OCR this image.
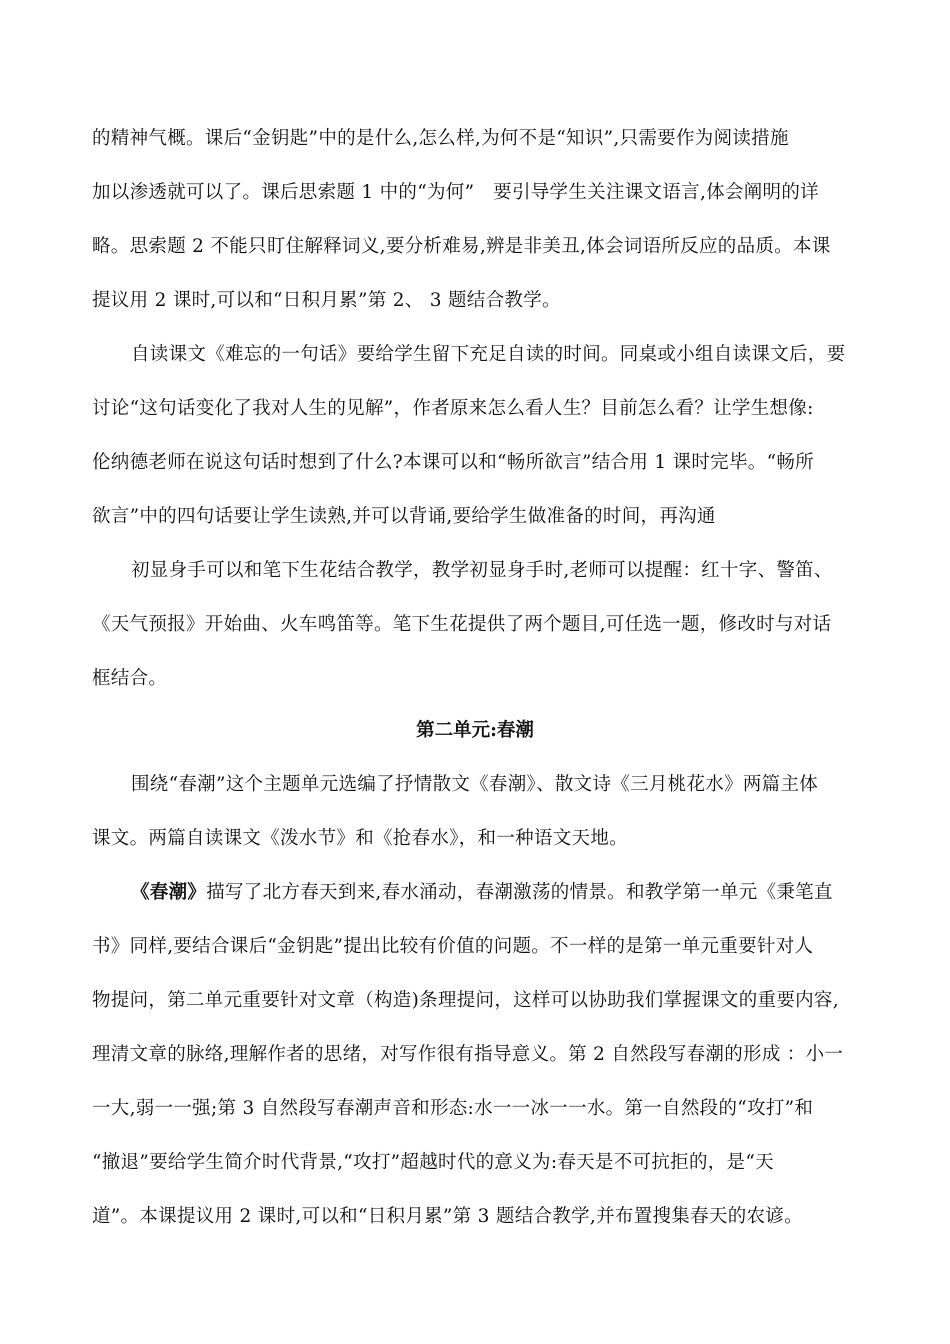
的精神气概。课后“金钥匙”中的是什么,怎么样,为何不是“知识”,只需要作为阅读措施
加以渗透就可以了。课后思索题 1 中的“为何”　要引导学生关注课文语言,体会阐明的详
略。思索题 2 不能只盯住解释词义,要分析难易,辨是非美丑,体会词语所反应的品质。本课
提议用 2 课时,可以和“日积月累”第 2、 3 题结合教学。
自读课文《难忘的一句话》要给学生留下充足自读的时间。同桌或小组自读课文后，要
讨论“这句话变化了我对人生的见解”，作者原来怎么看人生？目前怎么看？让学生想像:
伦纳德老师在说这句话时想到了什么?本课可以和“畅所欲言”结合用 1 课时完毕。“畅所
欲言”中的四句话要让学生读熟,并可以背诵,要给学生做准备的时间，再沟通
初显身手可以和笔下生花结合教学，教学初显身手时,老师可以提醒：红十字、警笛、
《天气预报》开始曲、火车鸣笛等。笔下生花提供了两个题目,可任选一题，修改时与对话
框结合。
第二单元:春潮
围绕“春潮”这个主题单元选编了抒情散文《春潮》、散文诗《三月桃花水》两篇主体
课文。两篇自读课文《泼水节》和《抢春水》，和一种语文天地。
《春潮》描写了北方春天到来,春水涌动，春潮激荡的情景。和教学第一单元《秉笔直
书》同样,要结合课后“金钥匙”提出比较有价值的问题。不一样的是第一单元重要针对人
物提问，第二单元重要针对文章（构造)条理提问，这样可以协助我们掌握课文的重要内容,
理清文章的脉络,理解作者的思绪，对写作很有指导意义。第 2 自然段写春潮的形成 ：小一
一大,弱一一强;第 3 自然段写春潮声音和形态:水一一冰一一水。第一自然段的“攻打”和
“撤退”要给学生简介时代背景,“攻打”超越时代的意义为:春天是不可抗拒的，是“天
道”。本课提议用 2 课时,可以和“日积月累”第 3 题结合教学,并布置搜集春天的农谚。
